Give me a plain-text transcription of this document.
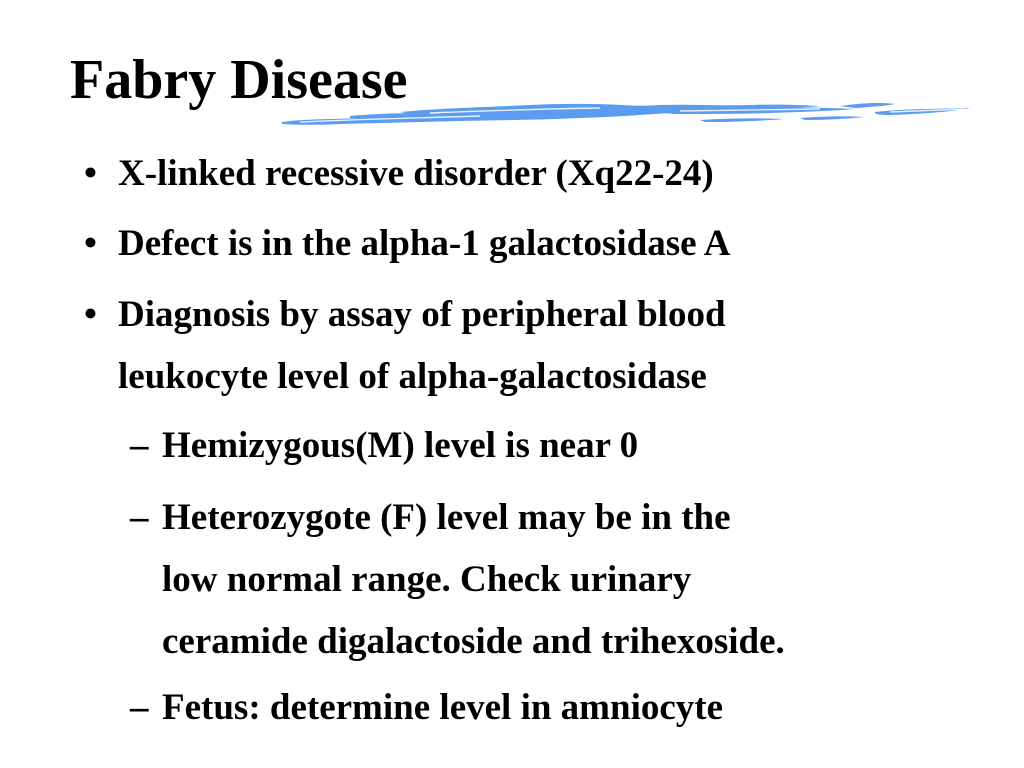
Fabry Disease
• X-linked recessive disorder (Xq22-24)
• Defect is in the alpha-1 galactosidase A
• Diagnosis by assay of peripheral blood
leukocyte level of alpha-galactosidase
– Hemizygous(M) level is near 0
– Heterozygote (F) level may be in the
low normal range. Check urinary
ceramide digalactoside and trihexoside.
– Fetus: determine level in amniocyte
